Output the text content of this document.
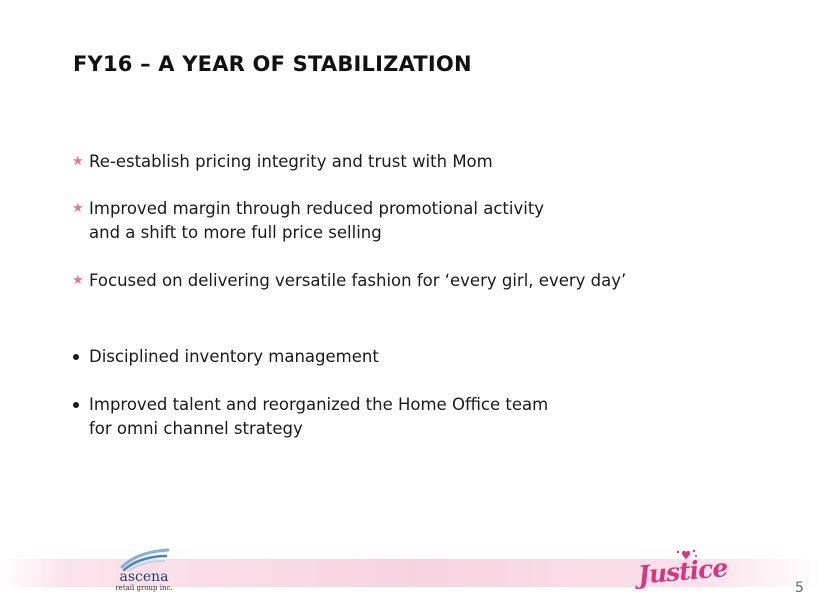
FY16 – A YEAR OF STABILIZATION
★ Re-establish pricing integrity and trust with Mom
★ Improved margin through reduced promotional activity
and a shift to more full price selling
★ Focused on delivering versatile fashion for ‘every girl, every day’
Disciplined inventory management
Improved talent and reorganized the Home Office team
for omni channel strategy
ascena
retail group inc.	Justice	5
